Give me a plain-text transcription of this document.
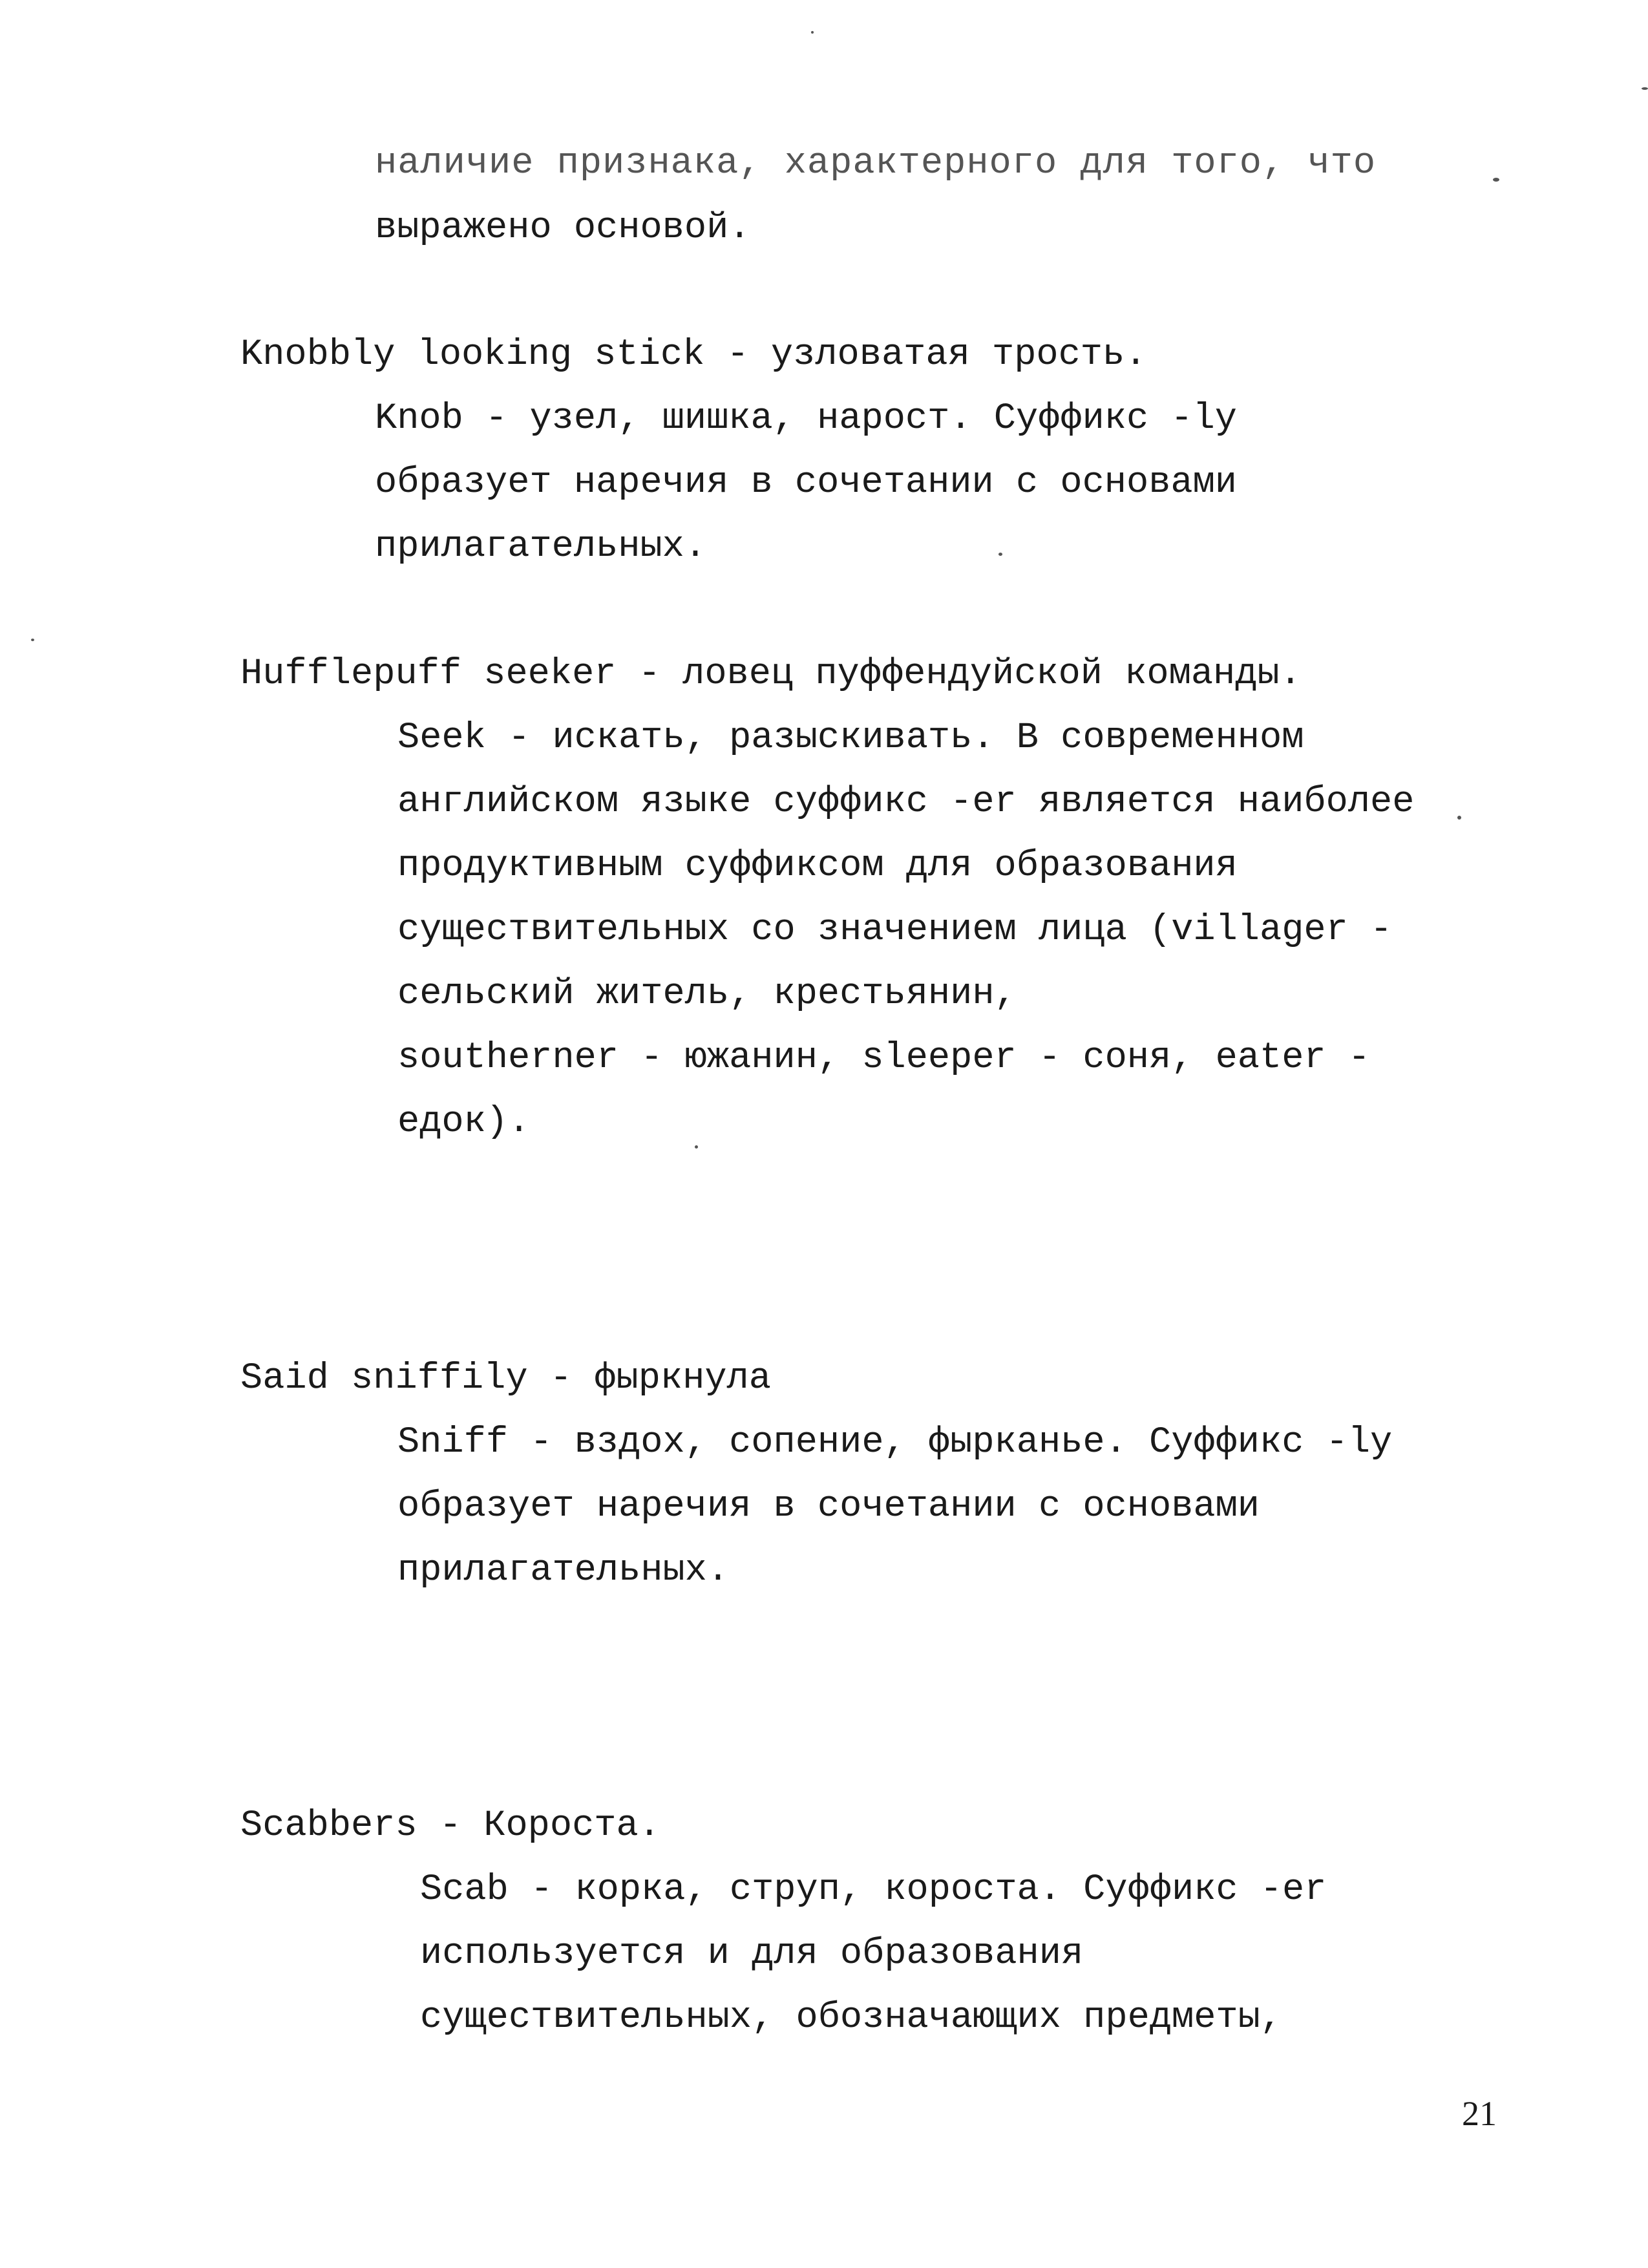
наличие признака, характерного для того, что
выражено основой.
Knobbly looking stick - узловатая трость.
Knob - узел, шишка, нарост. Суффикс -ly
образует наречия в сочетании с основами
прилагательных.
Hufflepuff seeker - ловец пуффендуйской команды.
Seek - искать, разыскивать. В современном
английском языке суффикс -er является наиболее
продуктивным суффиксом для образования
существительных со значением лица (villager -
сельский житель, крестьянин,
southerner - южанин, sleeper - соня, eater -
едок).
Said sniffily - фыркнула
Sniff - вздох, сопение, фырканье. Суффикс -ly
образует наречия в сочетании с основами
прилагательных.
Scabbers - Короста.
Scab - корка, струп, короста. Суффикс -er
используется и для образования
существительных, обозначающих предметы,
21
